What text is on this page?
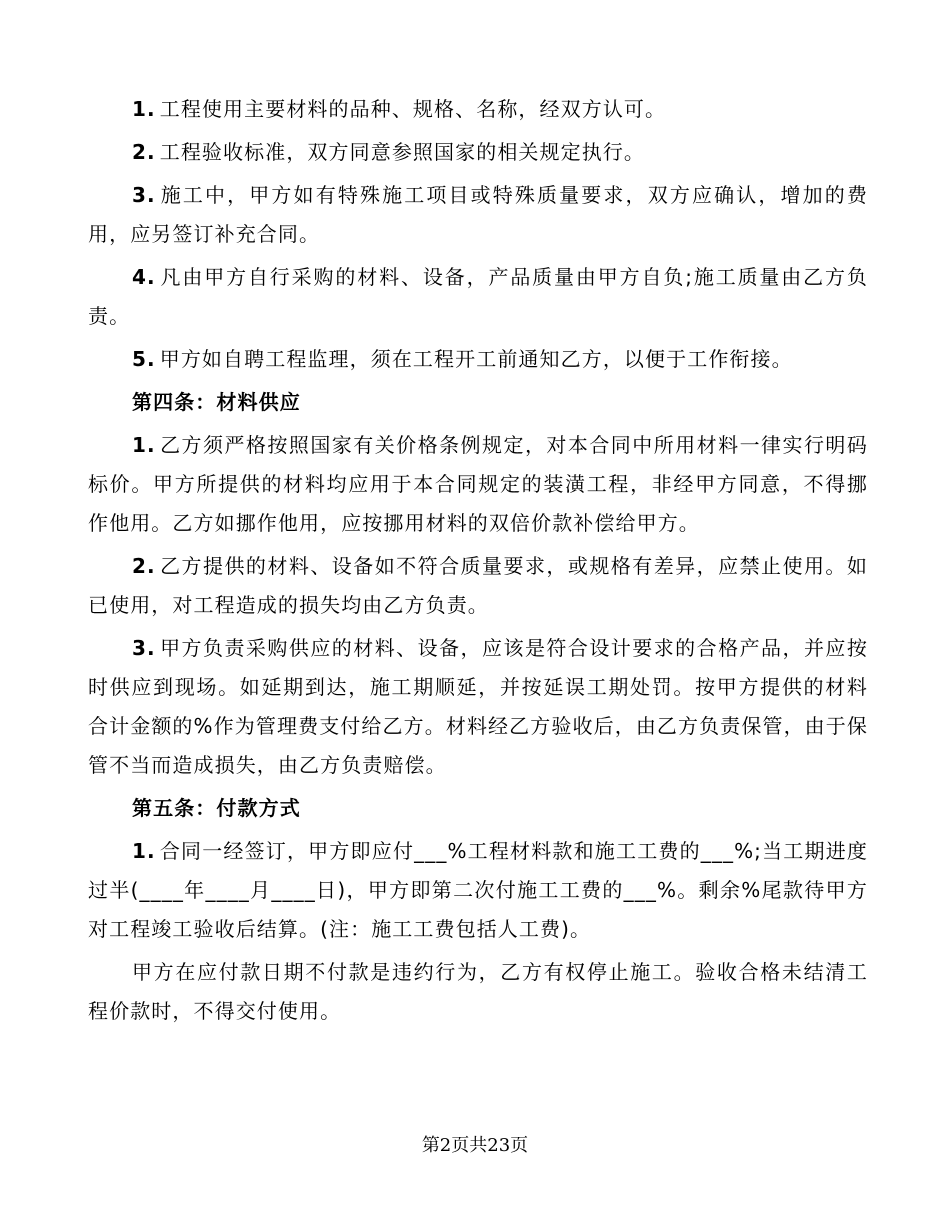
1. 工程使用主要材料的品种、规格、名称，经双方认可。

2. 工程验收标准，双方同意参照国家的相关规定执行。

3. 施工中，甲方如有特殊施工项目或特殊质量要求，双方应确认，增加的费用，应另签订补充合同。

4. 凡由甲方自行采购的材料、设备，产品质量由甲方自负;施工质量由乙方负责。

5. 甲方如自聘工程监理，须在工程开工前通知乙方，以便于工作衔接。

第四条：材料供应

1. 乙方须严格按照国家有关价格条例规定，对本合同中所用材料一律实行明码标价。甲方所提供的材料均应用于本合同规定的装潢工程，非经甲方同意，不得挪作他用。乙方如挪作他用，应按挪用材料的双倍价款补偿给甲方。

2. 乙方提供的材料、设备如不符合质量要求，或规格有差异，应禁止使用。如已使用，对工程造成的损失均由乙方负责。

3. 甲方负责采购供应的材料、设备，应该是符合设计要求的合格产品，并应按时供应到现场。如延期到达，施工期顺延，并按延误工期处罚。按甲方提供的材料合计金额的%作为管理费支付给乙方。材料经乙方验收后，由乙方负责保管，由于保管不当而造成损失，由乙方负责赔偿。

第五条：付款方式

1. 合同一经签订，甲方即应付___%工程材料款和施工工费的___%;当工期进度过半(____年____月____日)，甲方即第二次付施工工费的___%。剩余%尾款待甲方对工程竣工验收后结算。(注：施工工费包括人工费)。

甲方在应付款日期不付款是违约行为，乙方有权停止施工。验收合格未结清工程价款时，不得交付使用。

第2页共23页
